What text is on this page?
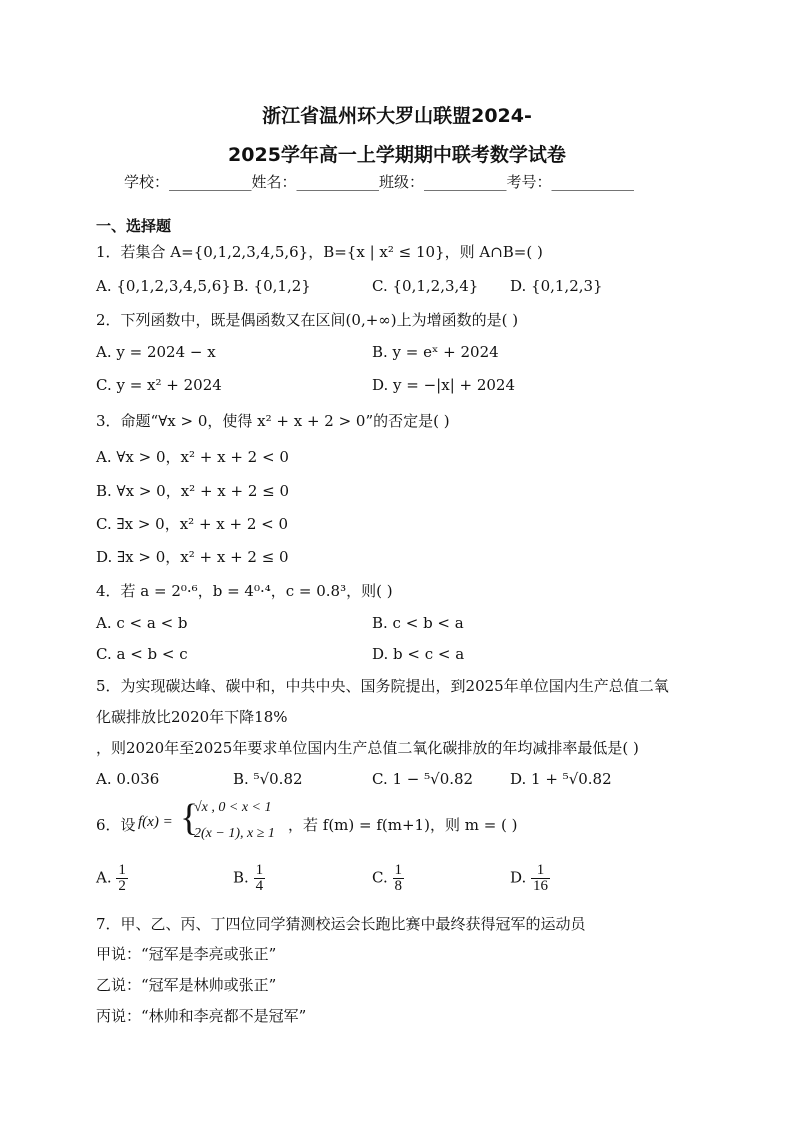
浙江省温州环大罗山联盟2024-
2025学年高一上学期期中联考数学试卷
学校：___________姓名：___________班级：___________考号：___________
一、选择题
1．若集合 A={0,1,2,3,4,5,6}，B={x | x² ≤ 10}，则 A∩B=( )
A. {0,1,2,3,4,5,6} B. {0,1,2}	C. {0,1,2,3,4} D. {0,1,2,3}
2．下列函数中，既是偶函数又在区间(0,+∞)上为增函数的是( )
A. y = 2024 − x	B. y = eˣ + 2024
C. y = x² + 2024	D. y = −|x| + 2024
3．命题“∀x > 0，使得 x² + x + 2 > 0”的否定是( )
A. ∀x > 0，x² + x + 2 < 0
B. ∀x > 0，x² + x + 2 ≤ 0
C. ∃x > 0，x² + x + 2 < 0
D. ∃x > 0，x² + x + 2 ≤ 0
4．若 a = 2⁰·⁶，b = 4⁰·⁴，c = 0.8³，则( )
A. c < a < b	B. c < b < a
C. a < b < c	D. b < c < a
5．为实现碳达峰、碳中和，中共中央、国务院提出，到2025年单位国内生产总值二氧
化碳排放比2020年下降18%
，则2020年至2025年要求单位国内生产总值二氧化碳排放的年均减排率最低是( )
A. 0.036	B. ⁵√0.82	C. 1 − ⁵√0.82 D. 1 + ⁵√0.82
6．设 f(x) = {
√x , 0 < x < 1
2(x − 1), x ≥ 1 ，若 f(m) = f(m+1)，则 m = ( )
A. $\frac{1}{2}$	B. $\frac{1}{4}$	C. $\frac{1}{8}$	D. $\frac{1}{16}$
7．甲、乙、丙、丁四位同学猜测校运会长跑比赛中最终获得冠军的运动员
甲说：“冠军是李亮或张正”
乙说：“冠军是林帅或张正”
丙说：“林帅和李亮都不是冠军”
